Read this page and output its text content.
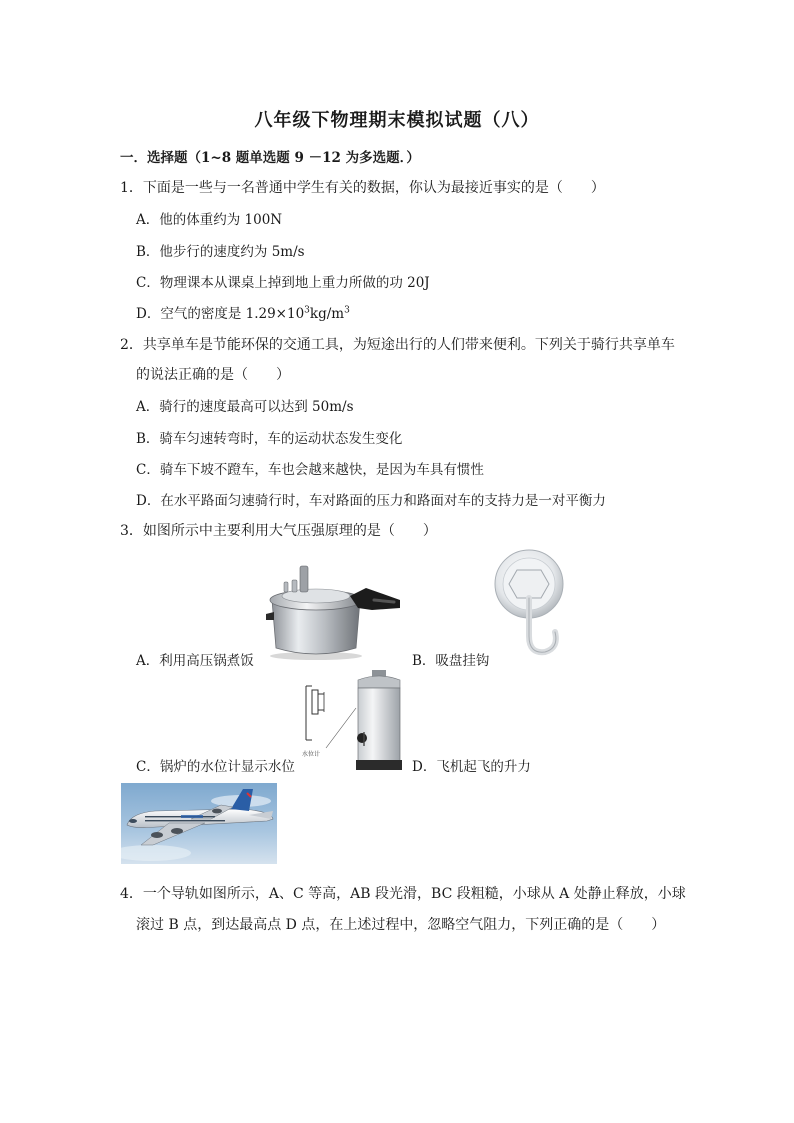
八年级下物理期末模拟试题（八）
一．选择题（1~8 题单选题 9 －12 为多选题．）
1．下面是一些与一名普通中学生有关的数据，你认为最接近事实的是（　　）
A．他的体重约为 100N
B．他步行的速度约为 5m/s
C．物理课本从课桌上掉到地上重力所做的功 20J
D．空气的密度是 $1.29\times 10^3kg/m^3$
2．共享单车是节能环保的交通工具，为短途出行的人们带来便利。下列关于骑行共享单车
的说法正确的是（　　）
A．骑行的速度最高可以达到 50m/s
B．骑车匀速转弯时，车的运动状态发生变化
C．骑车下坡不蹬车，车也会越来越快，是因为车具有惯性
D．在水平路面匀速骑行时，车对路面的压力和路面对车的支持力是一对平衡力
3．如图所示中主要利用大气压强原理的是（　　）
A．利用高压锅煮饭	B．吸盘挂钩
水位计
C．锅炉的水位计显示水位	D．飞机起飞的升力
4．一个导轨如图所示，A、C 等高，AB 段光滑，BC 段粗糙，小球从 A 处静止释放，小球
滚过 B 点，到达最高点 D 点，在上述过程中，忽略空气阻力，下列正确的是（　　）
